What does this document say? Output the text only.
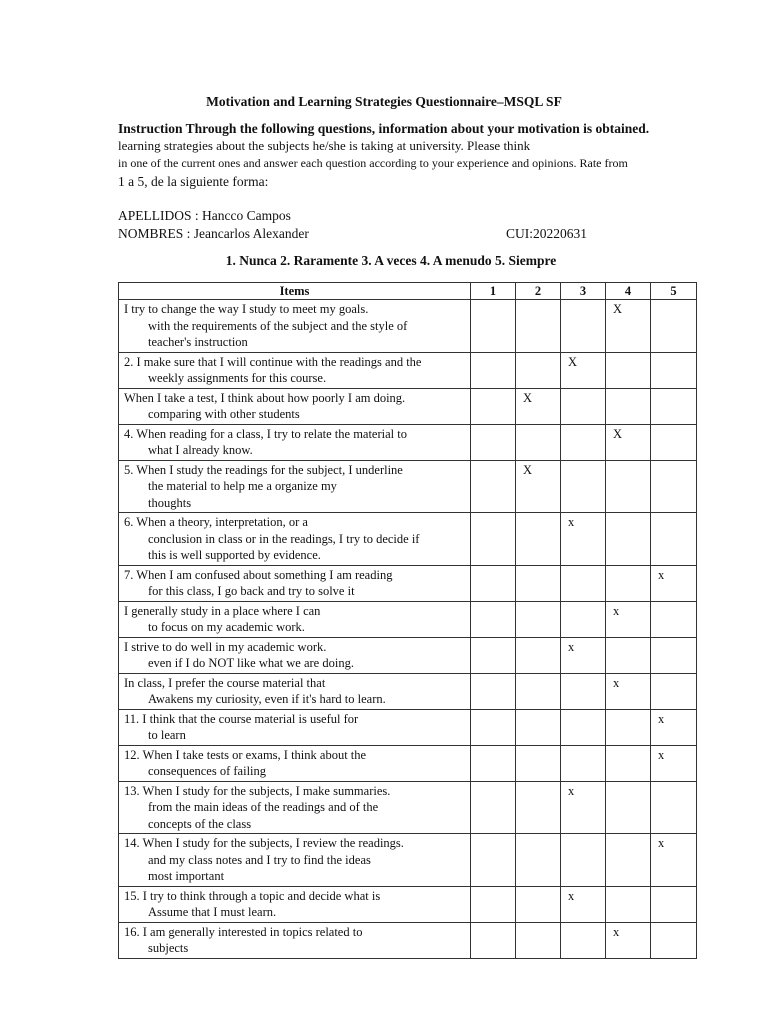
Motivation and Learning Strategies Questionnaire–MSQL SF
Instruction Through the following questions, information about your motivation is obtained.
learning strategies about the subjects he/she is taking at university. Please think
in one of the current ones and answer each question according to your experience and opinions. Rate from
1 a 5, de la siguiente forma:
APELLIDOS : Hancco Campos
NOMBRES : Jeancarlos Alexander	CUI:20220631
1. Nunca 2. Raramente 3. A veces 4. A menudo 5. Siempre
Items	1	2	3	4	5

I try to change the way I study to meet my goals.
with the requirements of the subject and the style of
teacher's instruction				X	

2. I make sure that I will continue with the readings and the
weekly assignments for this course.			X		

When I take a test, I think about how poorly I am doing.
comparing with other students		X			

4. When reading for a class, I try to relate the material to
what I already know.				X	

5. When I study the readings for the subject, I underline
the material to help me a organize my
thoughts		X			

6. When a theory, interpretation, or a
conclusion in class or in the readings, I try to decide if
this is well supported by evidence.			x		

7. When I am confused about something I am reading
for this class, I go back and try to solve it					x

I generally study in a place where I can
to focus on my academic work.				x	

I strive to do well in my academic work.
even if I do NOT like what we are doing.			x		

In class, I prefer the course material that
Awakens my curiosity, even if it's hard to learn.				x	

11. I think that the course material is useful for
to learn					x

12. When I take tests or exams, I think about the
consequences of failing					x

13. When I study for the subjects, I make summaries.
from the main ideas of the readings and of the
concepts of the class			x		

14. When I study for the subjects, I review the readings.
and my class notes and I try to find the ideas
most important					x

15. I try to think through a topic and decide what is
Assume that I must learn.			x		

16. I am generally interested in topics related to
subjects				x	
